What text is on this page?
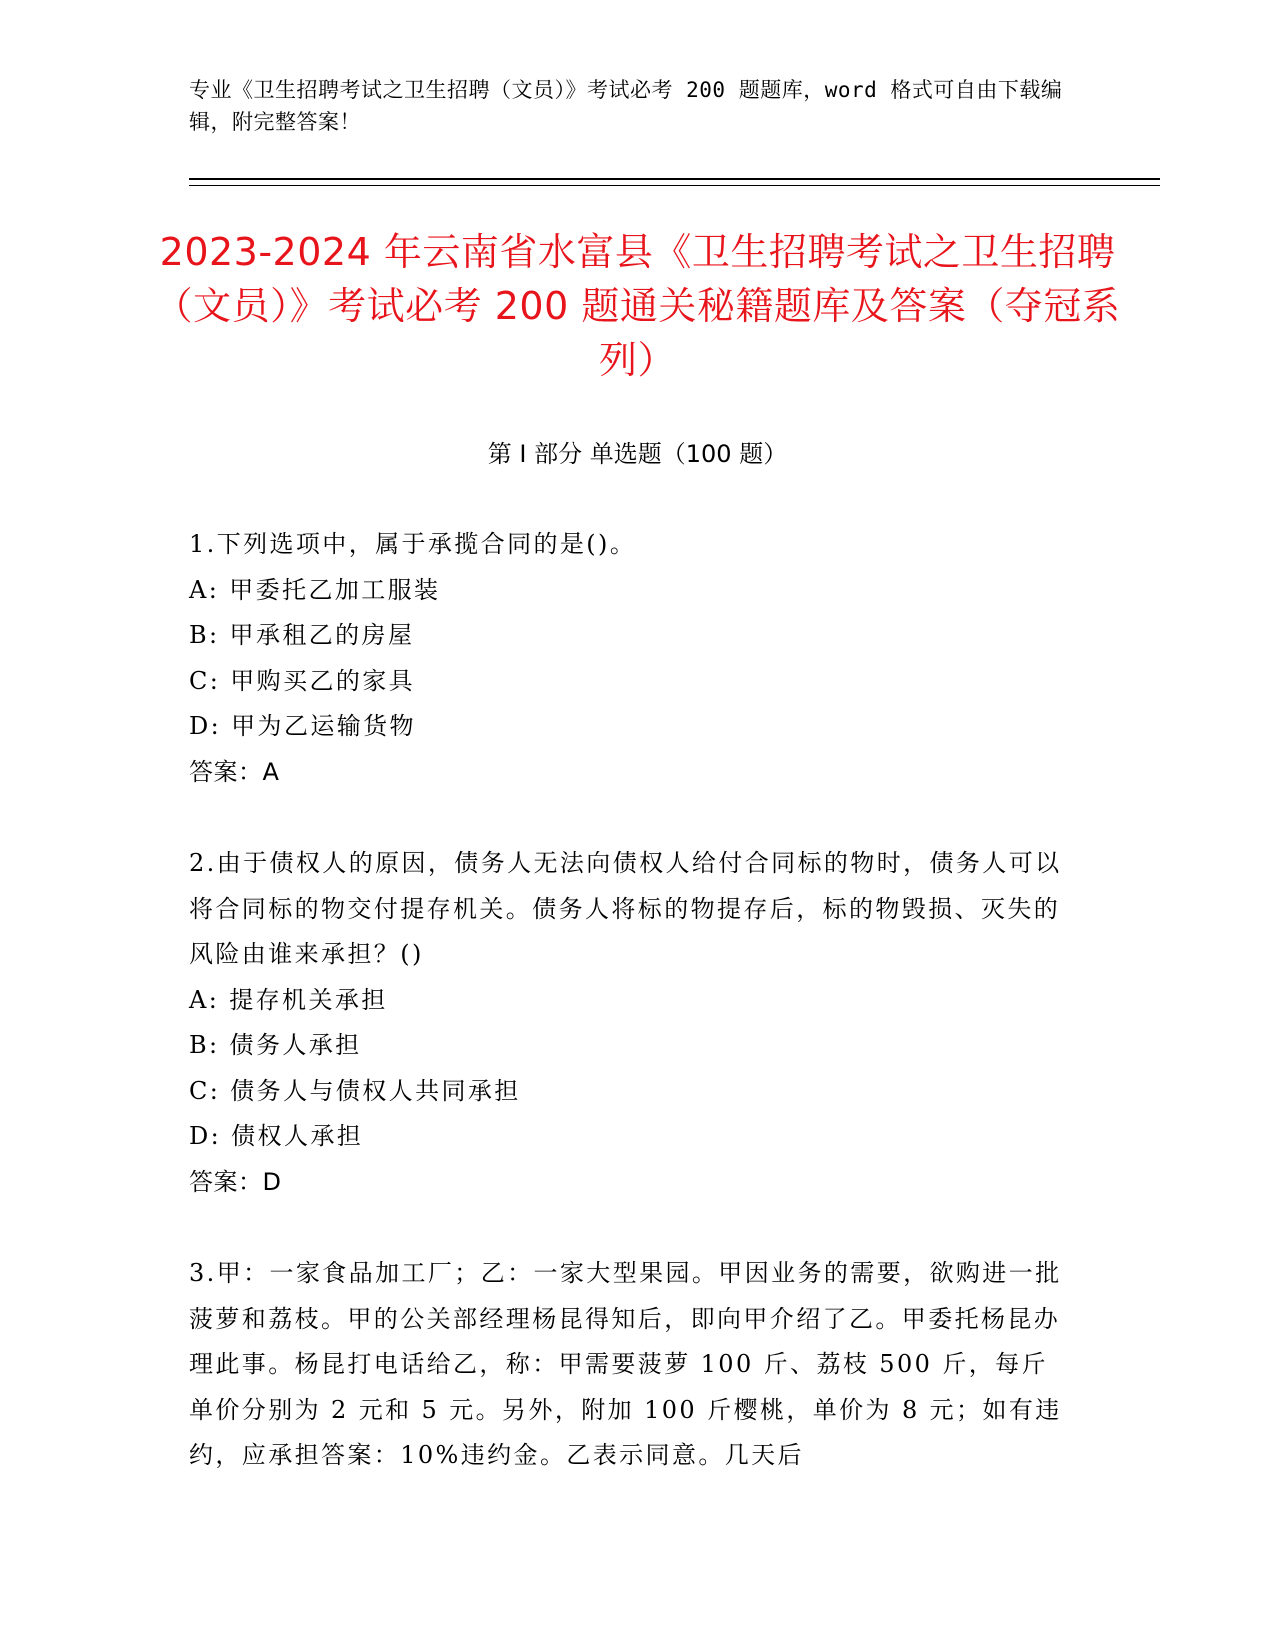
专业《卫生招聘考试之卫生招聘（文员）》考试必考 200 题题库，word 格式可自由下载编辑，附完整答案！
2023-2024 年云南省水富县《卫生招聘考试之卫生招聘（文员）》考试必考 200 题通关秘籍题库及答案（夺冠系列）
第 I 部分 单选题（100 题）
1.下列选项中，属于承揽合同的是()。
A: 甲委托乙加工服装
B: 甲承租乙的房屋
C: 甲购买乙的家具
D: 甲为乙运输货物
答案：A
2.由于债权人的原因，债务人无法向债权人给付合同标的物时，债务人可以将合同标的物交付提存机关。债务人将标的物提存后，标的物毁损、灭失的风险由谁来承担？()
A: 提存机关承担
B: 债务人承担
C: 债务人与债权人共同承担
D: 债权人承担
答案：D
3.甲：一家食品加工厂；乙：一家大型果园。甲因业务的需要，欲购进一批菠萝和荔枝。甲的公关部经理杨昆得知后，即向甲介绍了乙。甲委托杨昆办理此事。杨昆打电话给乙，称：甲需要菠萝 100 斤、荔枝 500 斤，每斤单价分别为 2 元和 5 元。另外，附加 100 斤樱桃，单价为 8 元；如有违约，应承担答案：10%违约金。乙表示同意。几天后
